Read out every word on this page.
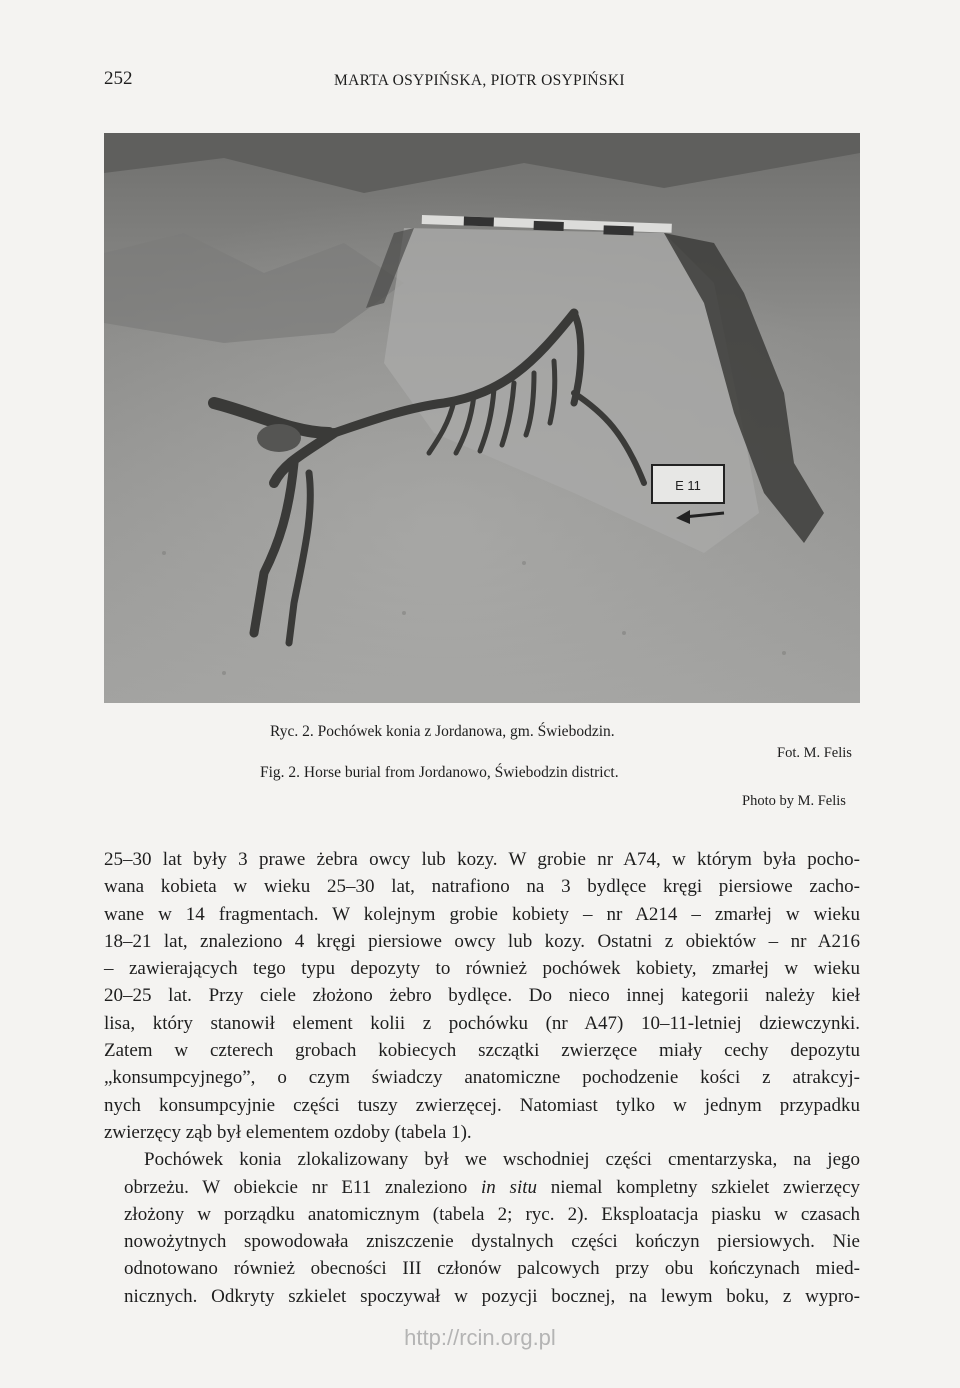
252	MARTA OSYPIŃSKA, PIOTR OSYPIŃSKI
E 11
Ryc. 2. Pochówek konia z Jordanowa, gm. Świebodzin.
Fot. M. Felis
Fig. 2. Horse burial from Jordanowo, Świebodzin district.
Photo by M. Felis

25–30 lat były 3 prawe żebra owcy lub kozy. W grobie nr A74, w którym była pocho-
wana kobieta w wieku 25–30 lat, natrafiono na 3 bydlęce kręgi piersiowe zacho-
wane w 14 fragmentach. W kolejnym grobie kobiety – nr A214 – zmarłej w wieku
18–21 lat, znaleziono 4 kręgi piersiowe owcy lub kozy. Ostatni z obiektów – nr A216
– zawierających tego typu depozyty to również pochówek kobiety, zmarłej w wieku
20–25 lat. Przy ciele złożono żebro bydlęce. Do nieco innej kategorii należy kieł
lisa, który stanowił element kolii z pochówku (nr A47) 10–11-letniej dziewczynki.
Zatem w czterech grobach kobiecych szczątki zwierzęce miały cechy depozytu
„konsumpcyjnego”, o czym świadczy anatomiczne pochodzenie kości z atrakcyj-
nych konsumpcyjnie części tuszy zwierzęcej. Natomiast tylko w jednym przypadku
zwierzęcy ząb był elementem ozdoby (tabela 1).

Pochówek konia zlokalizowany był we wschodniej części cmentarzyska, na jego
obrzeżu. W obiekcie nr E11 znaleziono in situ niemal kompletny szkielet zwierzęcy
złożony w porządku anatomicznym (tabela 2; ryc. 2). Eksploatacja piasku w czasach
nowożytnych spowodowała zniszczenie dystalnych części kończyn piersiowych. Nie
odnotowano również obecności III członów palcowych przy obu kończynach mied-
nicznych. Odkryty szkielet spoczywał w pozycji bocznej, na lewym boku, z wypro-

http://rcin.org.pl
